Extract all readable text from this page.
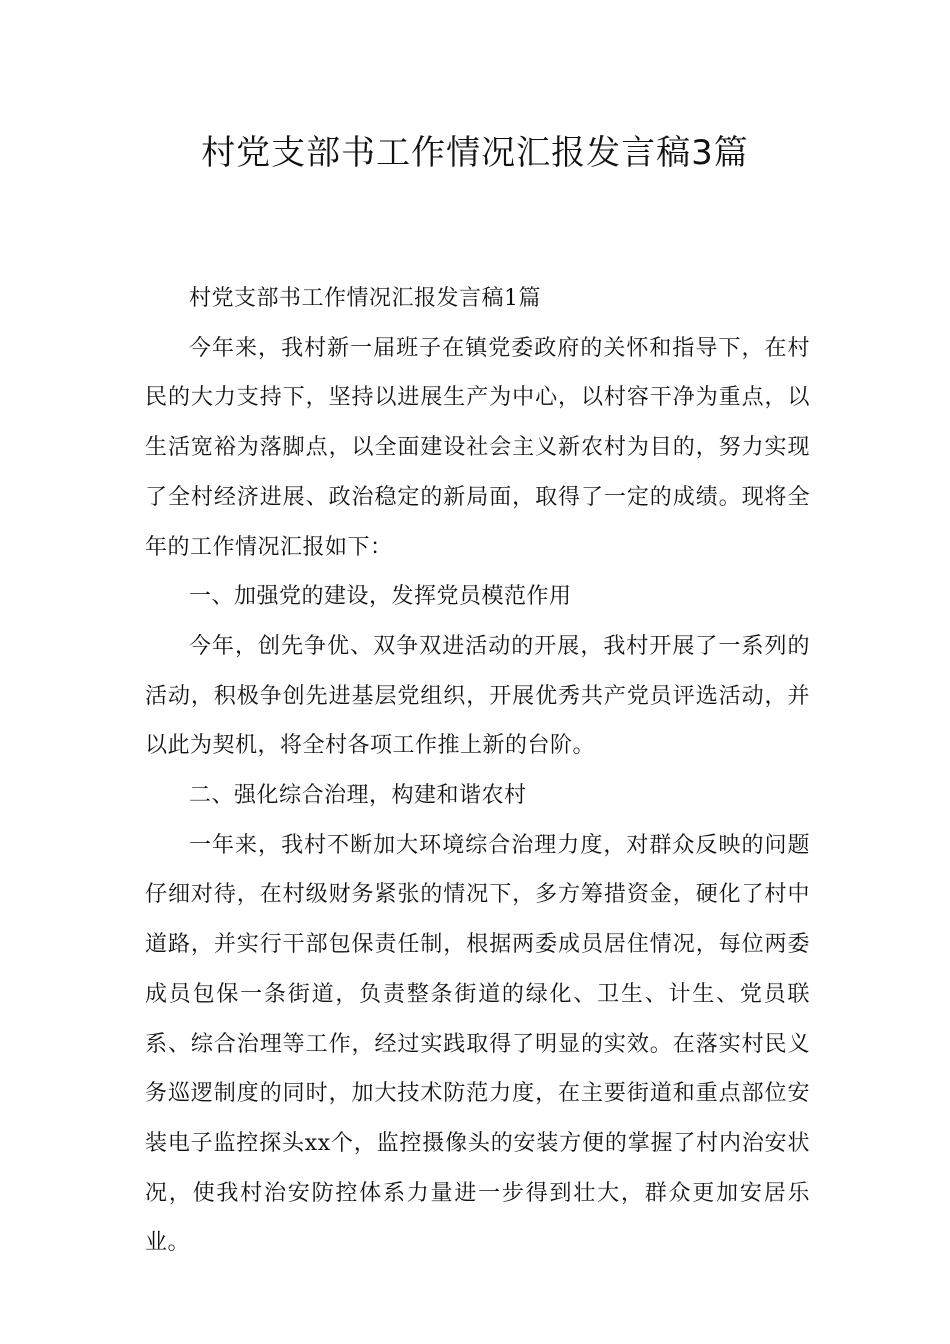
村党支部书工作情况汇报发言稿3篇

村党支部书工作情况汇报发言稿1篇

今年来，我村新一届班子在镇党委政府的关怀和指导下，在村民的大力支持下，坚持以进展生产为中心，以村容干净为重点，以生活宽裕为落脚点，以全面建设社会主义新农村为目的，努力实现了全村经济进展、政治稳定的新局面，取得了一定的成绩。现将全年的工作情况汇报如下：

一、加强党的建设，发挥党员模范作用

今年，创先争优、双争双进活动的开展，我村开展了一系列的活动，积极争创先进基层党组织，开展优秀共产党员评选活动，并以此为契机，将全村各项工作推上新的台阶。

二、强化综合治理，构建和谐农村

一年来，我村不断加大环境综合治理力度，对群众反映的问题仔细对待，在村级财务紧张的情况下，多方筹措资金，硬化了村中道路，并实行干部包保责任制，根据两委成员居住情况，每位两委成员包保一条街道，负责整条街道的绿化、卫生、计生、党员联系、综合治理等工作，经过实践取得了明显的实效。在落实村民义务巡逻制度的同时，加大技术防范力度，在主要街道和重点部位安装电子监控探头xx个，监控摄像头的安装方便的掌握了村内治安状况，使我村治安防控体系力量进一步得到壮大，群众更加安居乐业。
